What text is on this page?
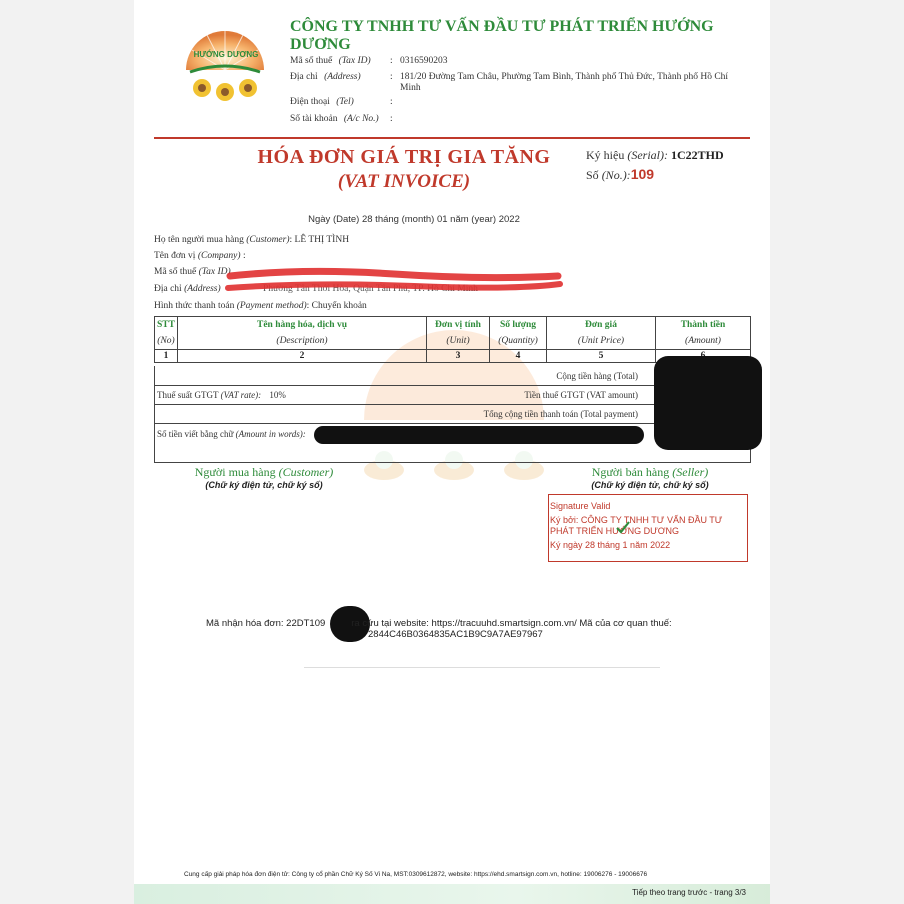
HƯỚNG DƯƠNG
CÔNG TY TNHH TƯ VẤN ĐẦU TƯ PHÁT TRIỂN HƯỚNG DƯƠNG
Mã số thuế (Tax ID) : 0316590203
Địa chỉ (Address)	: 181/20 Đường Tam Châu, Phường Tam Bình, Thành phố Thủ Đức, Thành phố Hồ Chí
Minh
Điện thoại (Tel)	:
Số tài khoản (A/c No.) :
HÓA ĐƠN GIÁ TRỊ GIA TĂNG
(VAT INVOICE)
Ký hiệu (Serial): 1C22THD
Số (No.):109
Ngày (Date) 28 tháng (month) 01 năm (year) 2022
Họ tên người mua hàng (Customer): LÊ THỊ TÌNH
Tên đơn vị (Company) :
Mã số thuế (Tax ID)
Địa chỉ (Address)	Phường Tân Thới Hòa, Quận Tân Phú, TP. Hồ Chí Minh
Hình thức thanh toán (Payment method): Chuyển khoản
STT	Tên hàng hóa, dịch vụ	Đơn vị tính	Số lượng	Đơn giá	Thành tiền
(No)	(Description)	(Unit)	(Quantity)	(Unit Price)	(Amount)
1	2	3	4	5	
Cộng tiền hàng (Total)
Thuế suất GTGT (VAT rate): 10%	Tiền thuế GTGT (VAT amount)
Tổng cộng tiền thanh toán (Total payment)
Số tiền viết bằng chữ (Amount in words):
Người mua hàng (Customer)
(Chữ ký điện tử, chữ ký số)
Người bán hàng (Seller)
(Chữ ký điện tử, chữ ký số)
Signature Valid
Ký bởi: CÔNG TY TNHH TƯ VẤN ĐẦU TƯ
PHÁT TRIỂN HƯỚNG DƯƠNG
Ký ngày 28 tháng 1 năm 2022
Mã nhận hóa đơn: 22DT109	ra cứu tại website: https://tracuuhd.smartsign.com.vn/ Mã của cơ quan thuế:
2844C46B0364835AC1B9C9A7AE97967
Cung cấp giải pháp hóa đơn điện tử: Công ty cổ phần Chữ Ký Số Vi Na, MST:0309612872, website: https://ehd.smartsign.com.vn, hotline: 19006276 - 19006676
Tiếp theo trang trước - trang 3/3
